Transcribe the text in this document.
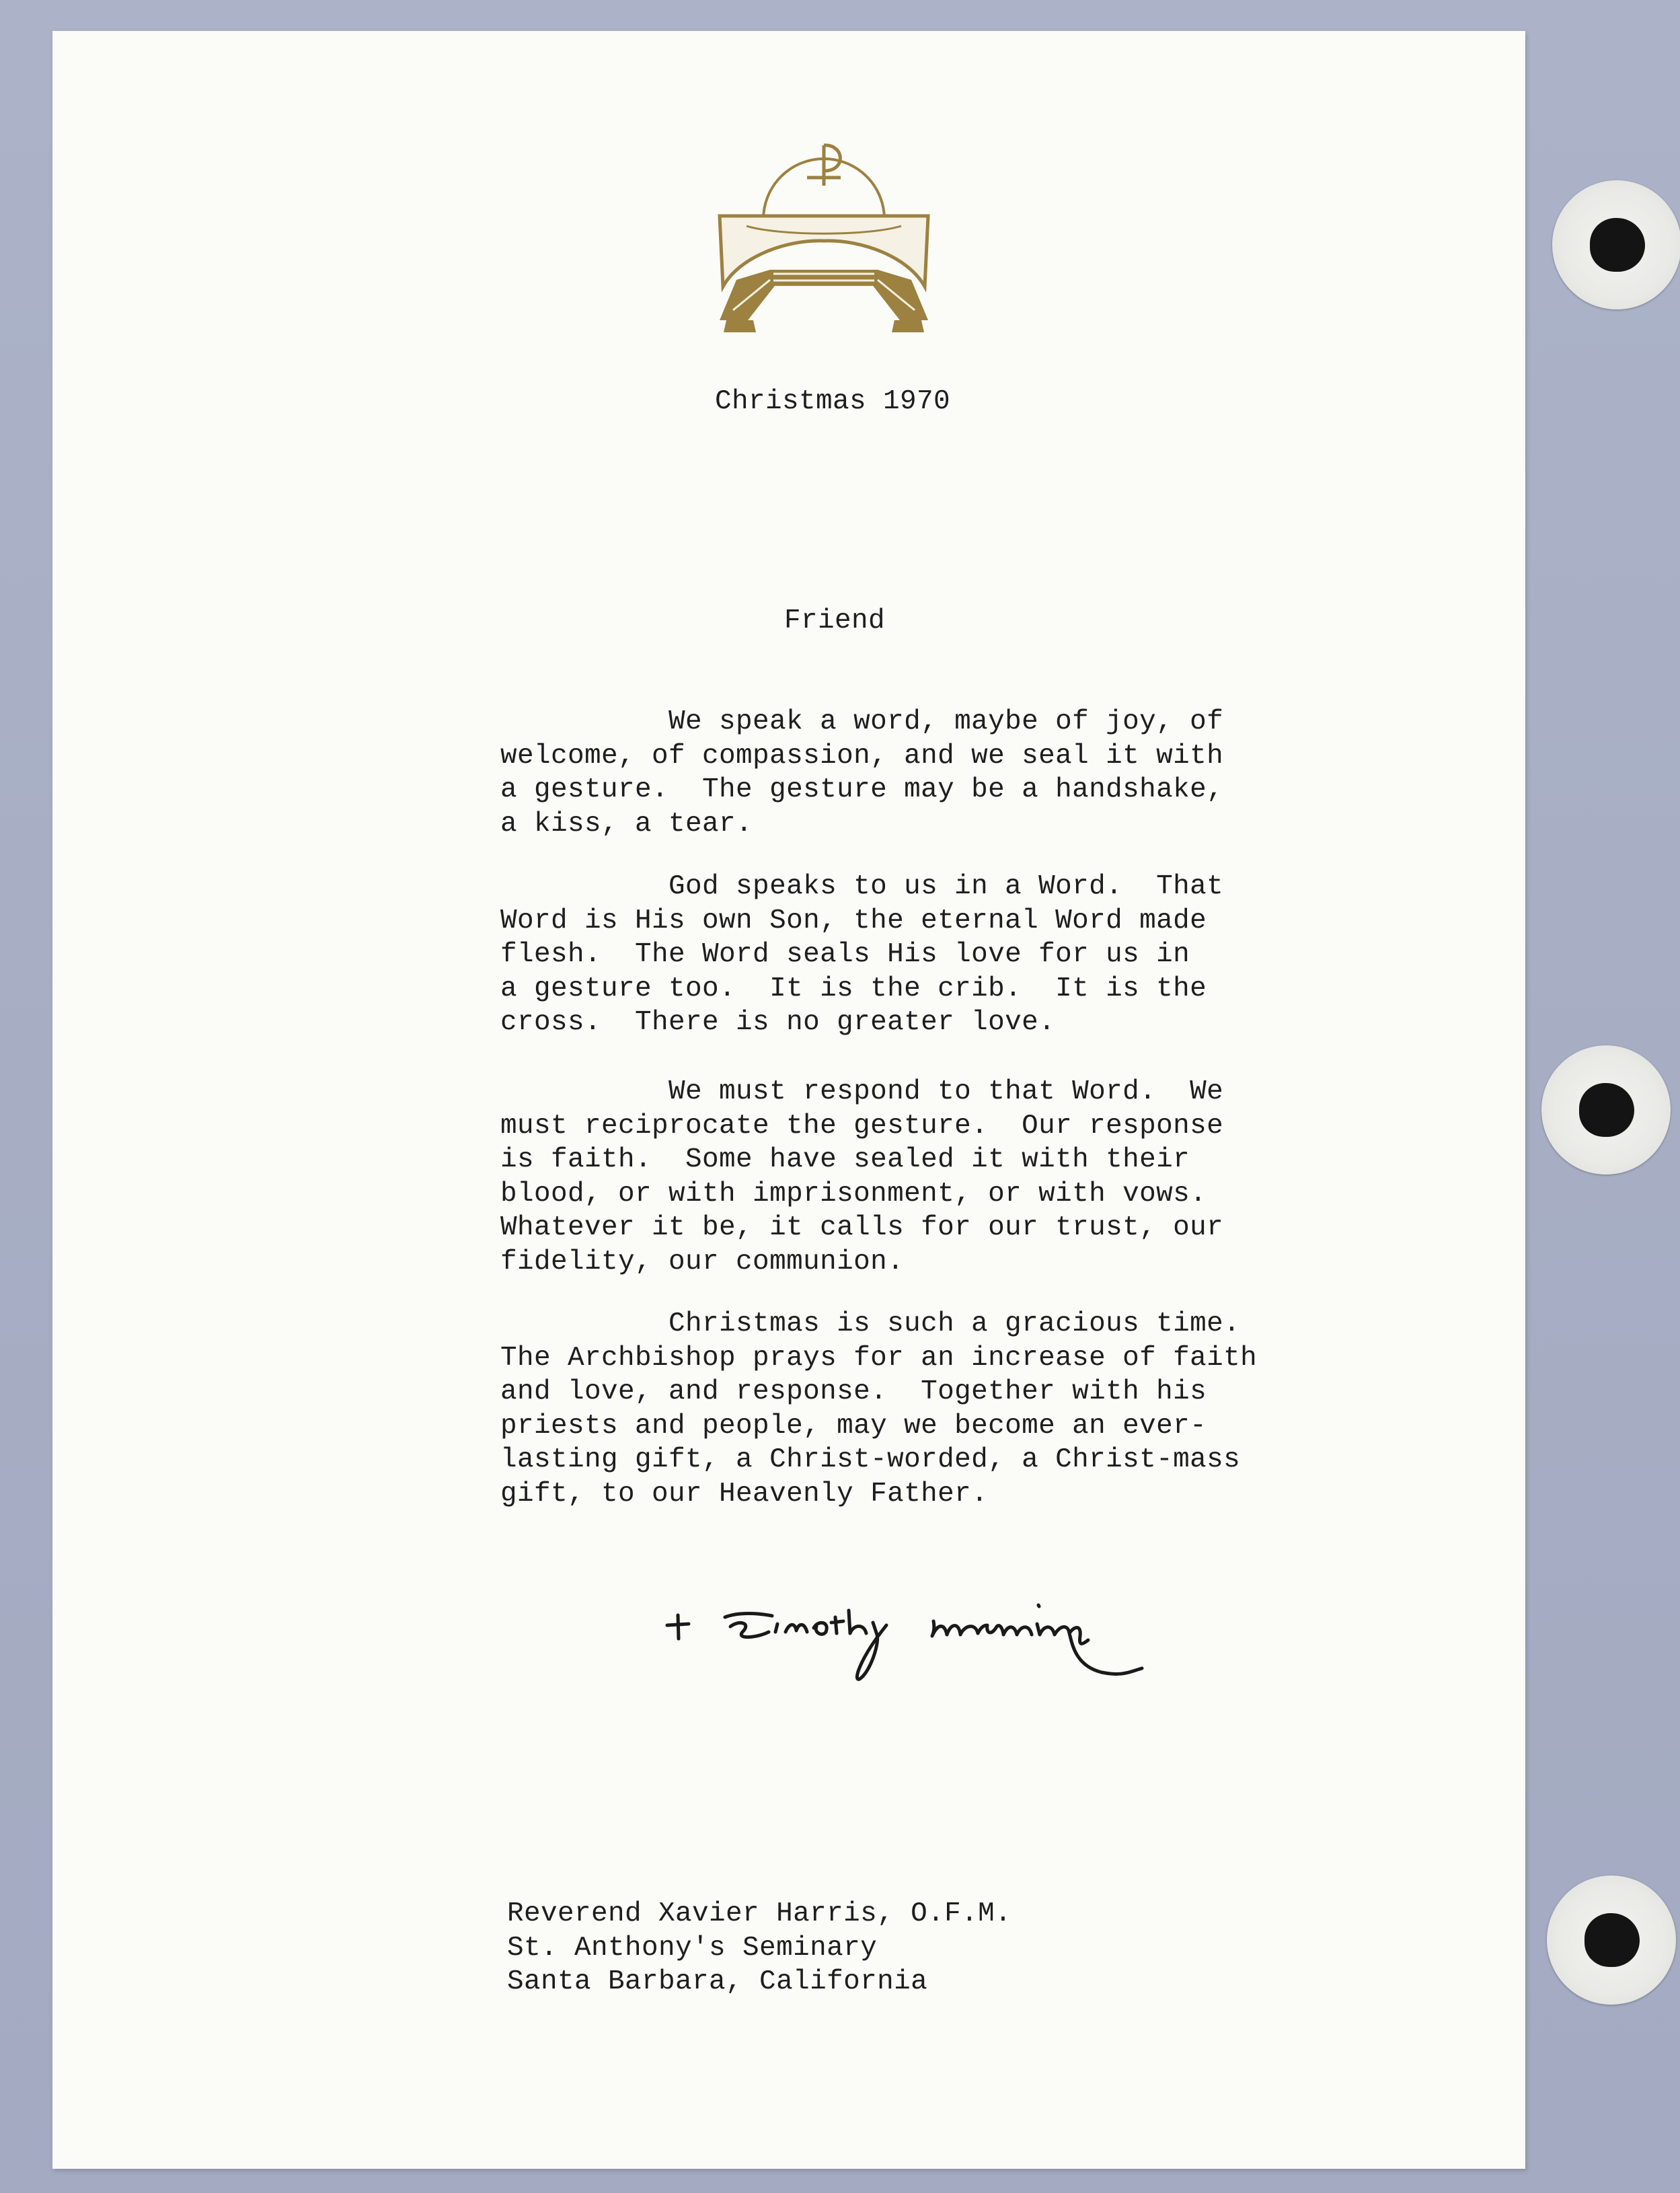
Christmas 1970
Friend
We speak a word, maybe of joy, of
welcome, of compassion, and we seal it with
a gesture.  The gesture may be a handshake,
a kiss, a tear.
God speaks to us in a Word.  That
Word is His own Son, the eternal Word made
flesh.  The Word seals His love for us in
a gesture too.  It is the crib.  It is the
cross.  There is no greater love.
We must respond to that Word.  We
must reciprocate the gesture.  Our response
is faith.  Some have sealed it with their
blood, or with imprisonment, or with vows.
Whatever it be, it calls for our trust, our
fidelity, our communion.
Christmas is such a gracious time.
The Archbishop prays for an increase of faith
and love, and response.  Together with his
priests and people, may we become an ever-
lasting gift, a Christ-worded, a Christ-mass
gift, to our Heavenly Father.
Reverend Xavier Harris, O.F.M.
St. Anthony's Seminary
Santa Barbara, California
